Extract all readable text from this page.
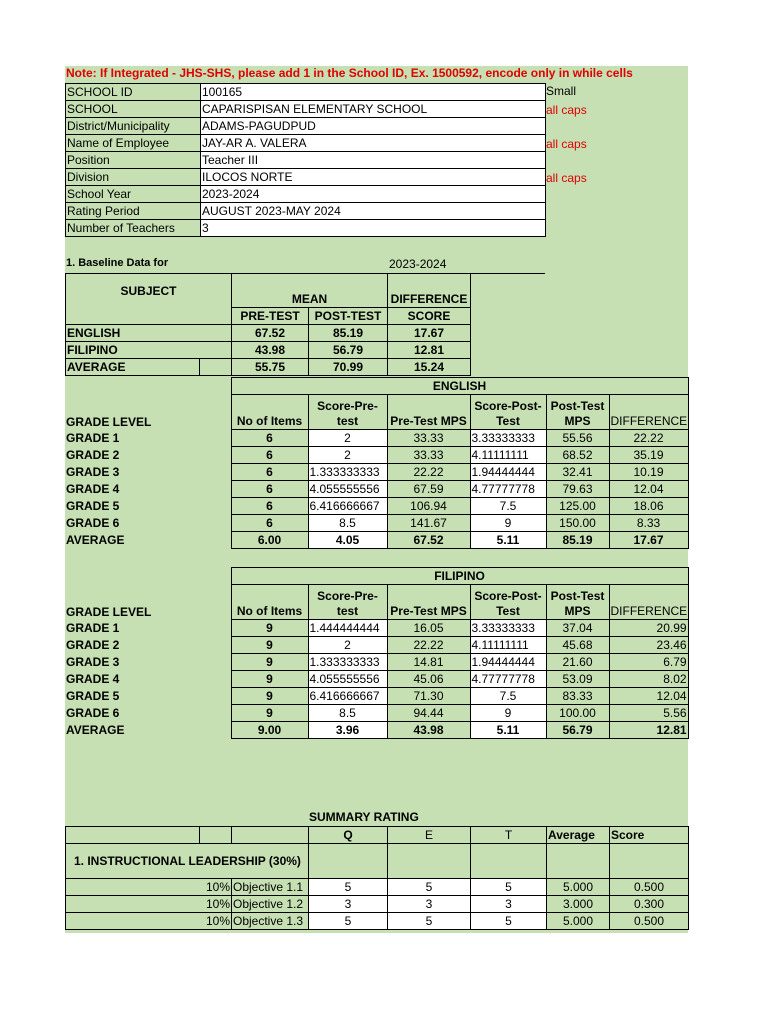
Note: If Integrated - JHS-SHS, please add 1 in the School ID, Ex. 1500592, encode only in while cells
SCHOOL ID	100165
SCHOOL	CAPARISPISAN ELEMENTARY SCHOOL
District/Municipality	ADAMS-PAGUDPUD
Name of Employee	JAY-AR A. VALERA
Position	Teacher III
Division	ILOCOS NORTE
School Year	2023-2024
Rating Period	AUGUST 2023-MAY 2024
Number of Teachers	3
Small
all caps
all caps
all caps
1. Baseline Data for	2023-2024
SUBJECT		MEAN		DIFFERENCE
		PRE-TEST	POST-TEST	SCORE
ENGLISH		67.52	85.19	17.67
FILIPINO		43.98	56.79	12.81
AVERAGE		55.75	70.99	15.24
	ENGLISH					
GRADE LEVEL	No of Items	Score-Pre-test	Pre-Test MPS	Score-Post-Test	Post-Test MPS	DIFFERENCE
GRADE 1	6	2	33.33	3.33333333	55.56	22.22
GRADE 2	6	2	33.33	4.11111111	68.52	35.19
GRADE 3	6	1.333333333	22.22	1.94444444	32.41	10.19
GRADE 4	6	4.055555556	67.59	4.77777778	79.63	12.04
GRADE 5	6	6.416666667	106.94	7.5	125.00	18.06
GRADE 6	6	8.5	141.67	9	150.00	8.33
AVERAGE	6.00	4.05	67.52	5.11	85.19	17.67
	FILIPINO					
GRADE LEVEL	No of Items	Score-Pre-test	Pre-Test MPS	Score-Post-Test	Post-Test MPS	DIFFERENCE
GRADE 1	9	1.444444444	16.05	3.33333333	37.04	20.99
GRADE 2	9	2	22.22	4.11111111	45.68	23.46
GRADE 3	9	1.333333333	14.81	1.94444444	21.60	6.79
GRADE 4	9	4.055555556	45.06	4.77777778	53.09	8.02
GRADE 5	9	6.416666667	71.30	7.5	83.33	12.04
GRADE 6	9	8.5	94.44	9	100.00	5.56
AVERAGE	9.00	3.96	43.98	5.11	56.79	12.81
SUMMARY RATING
			Q	E	T	Average	Score
1. INSTRUCTIONAL LEADERSHIP (30%)							
10%		Objective 1.1	5	5	5	5.000	0.500
10%		Objective 1.2	3	3	3	3.000	0.300
10%		Objective 1.3	5	5	5	5.000	0.500
